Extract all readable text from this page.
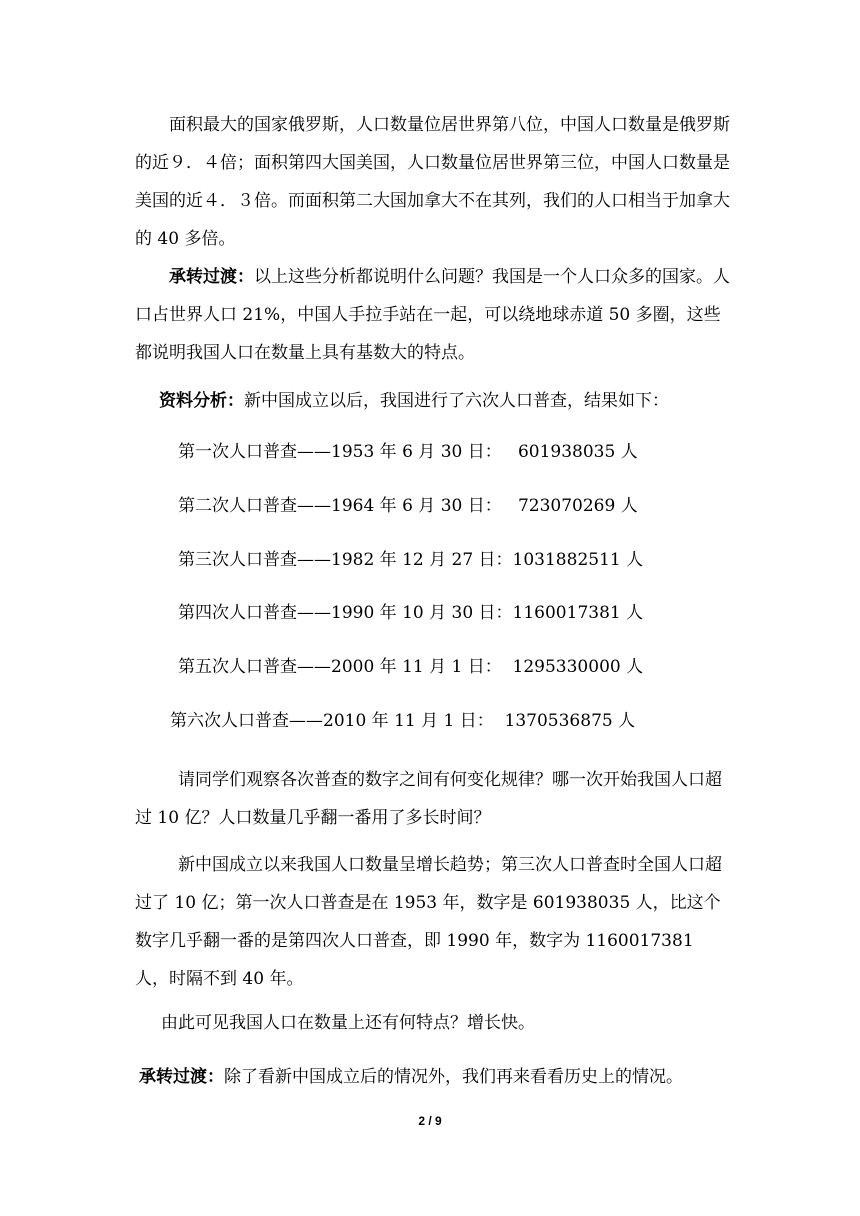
面积最大的国家俄罗斯，人口数量位居世界第八位，中国人口数量是俄罗斯的近９．４倍；面积第四大国美国，人口数量位居世界第三位，中国人口数量是美国的近４．３倍。而面积第二大国加拿大不在其列，我们的人口相当于加拿大的 40 多倍。

承转过渡：以上这些分析都说明什么问题？我国是一个人口众多的国家。人口占世界人口 21%，中国人手拉手站在一起，可以绕地球赤道 50 多圈，这些都说明我国人口在数量上具有基数大的特点。

资料分析：新中国成立以后，我国进行了六次人口普查，结果如下：

第一次人口普查——1953 年 6 月 30 日：   601938035 人

第二次人口普查——1964 年 6 月 30 日：   723070269 人

第三次人口普查——1982 年 12 月 27 日：1031882511 人

第四次人口普查——1990 年 10 月 30 日：1160017381 人

第五次人口普查——2000 年 11 月 1 日：  1295330000 人

第六次人口普查——2010 年 11 月 1 日：  1370536875 人

请同学们观察各次普查的数字之间有何变化规律？哪一次开始我国人口超过 10 亿？人口数量几乎翻一番用了多长时间？

新中国成立以来我国人口数量呈增长趋势；第三次人口普查时全国人口超过了 10 亿；第一次人口普查是在 1953 年，数字是 601938035 人，比这个数字几乎翻一番的是第四次人口普查，即 1990 年，数字为 1160017381 人，时隔不到 40 年。

由此可见我国人口在数量上还有何特点？增长快。

承转过渡：除了看新中国成立后的情况外，我们再来看看历史上的情况。

2 / 9
